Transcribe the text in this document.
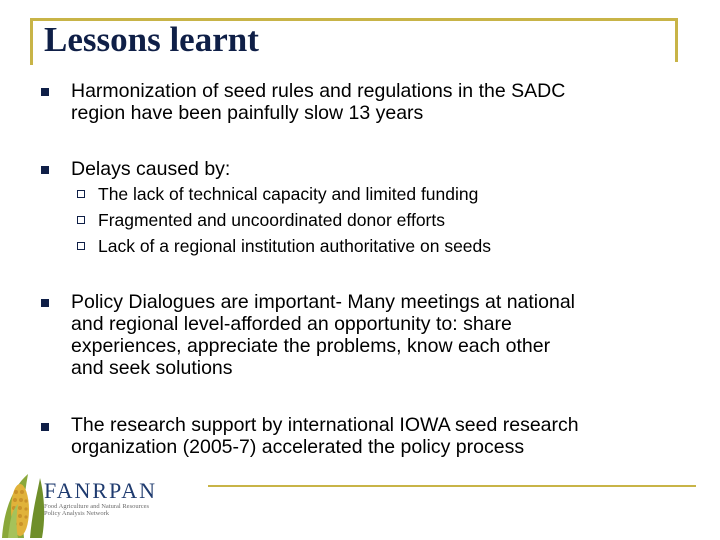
Lessons learnt
Harmonization of seed rules and regulations in the SADC
region have been painfully slow 13 years
Delays caused by:
The lack of technical capacity and limited funding
Fragmented and uncoordinated donor efforts
Lack of a regional institution authoritative on seeds
Policy Dialogues are important- Many meetings at national
and regional level-afforded an opportunity to: share
experiences, appreciate the problems, know each other
and seek solutions
The research support by international IOWA seed research
organization (2005-7) accelerated the policy process
FANRPAN
Food Agriculture and Natural Resources Policy Analysis Network
